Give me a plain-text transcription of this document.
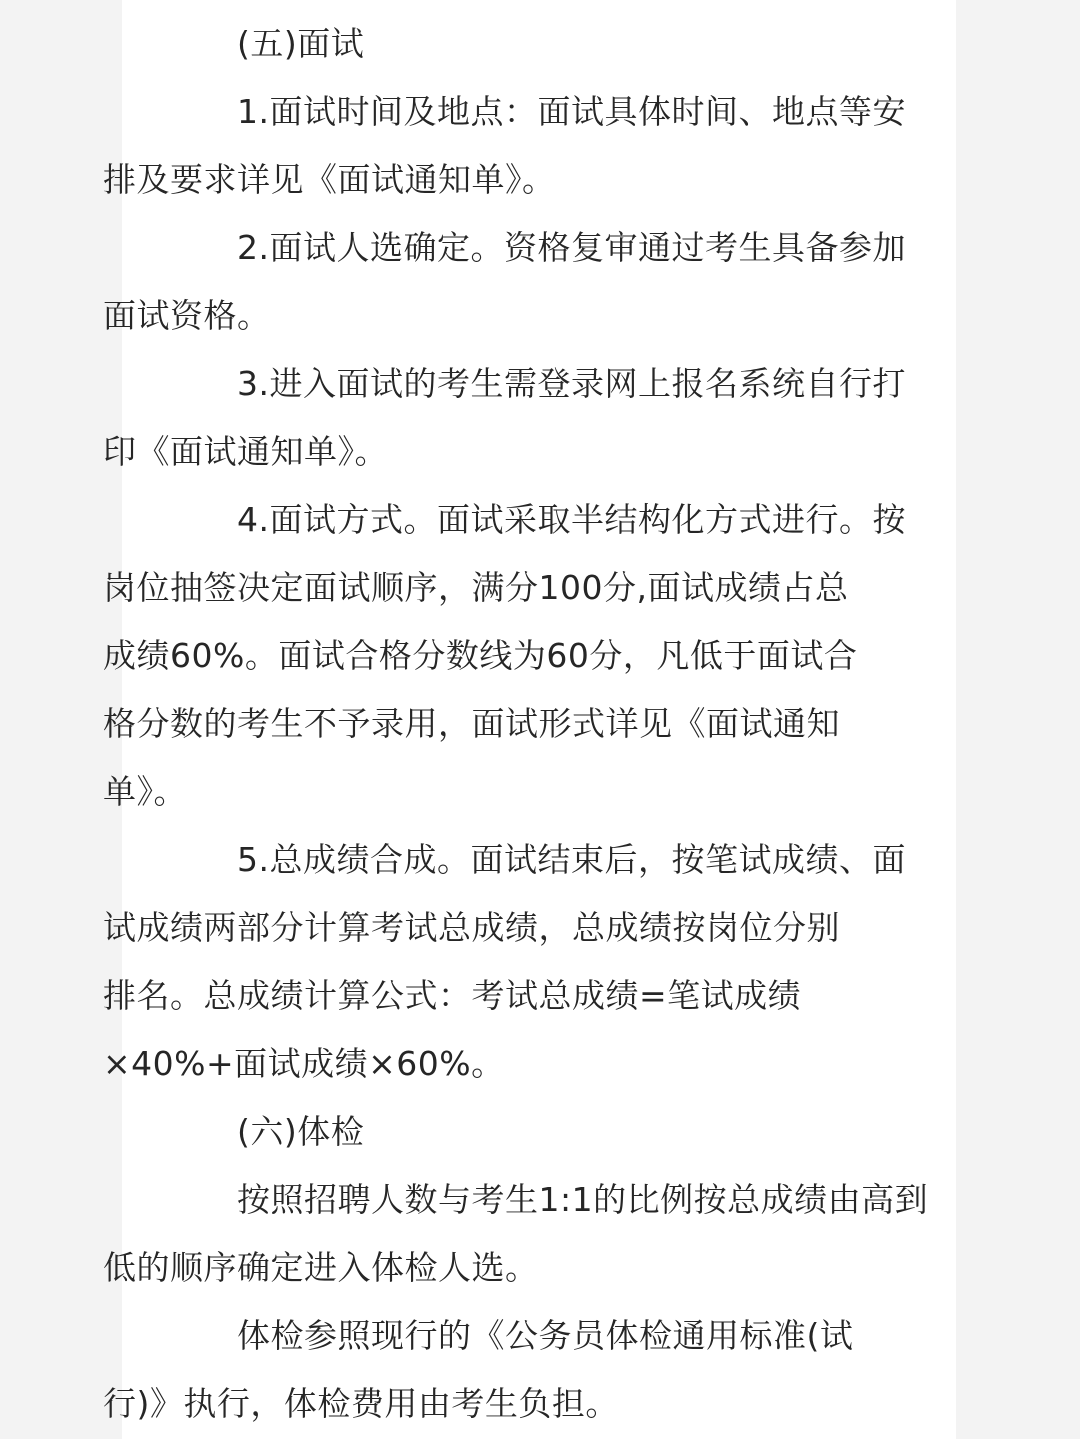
(五)面试

1.面试时间及地点：面试具体时间、地点等安
排及要求详见《面试通知单》。

2.面试人选确定。资格复审通过考生具备参加
面试资格。

3.进入面试的考生需登录网上报名系统自行打
印《面试通知单》。

4.面试方式。面试采取半结构化方式进行。按
岗位抽签决定面试顺序，满分100分,面试成绩占总
成绩60%。面试合格分数线为60分，凡低于面试合
格分数的考生不予录用，面试形式详见《面试通知
单》。

5.总成绩合成。面试结束后，按笔试成绩、面
试成绩两部分计算考试总成绩，总成绩按岗位分别
排名。总成绩计算公式：考试总成绩=笔试成绩
×40%+面试成绩×60%。

(六)体检

按照招聘人数与考生1:1的比例按总成绩由高到
低的顺序确定进入体检人选。

体检参照现行的《公务员体检通用标准(试
行)》执行，体检费用由考生负担。
